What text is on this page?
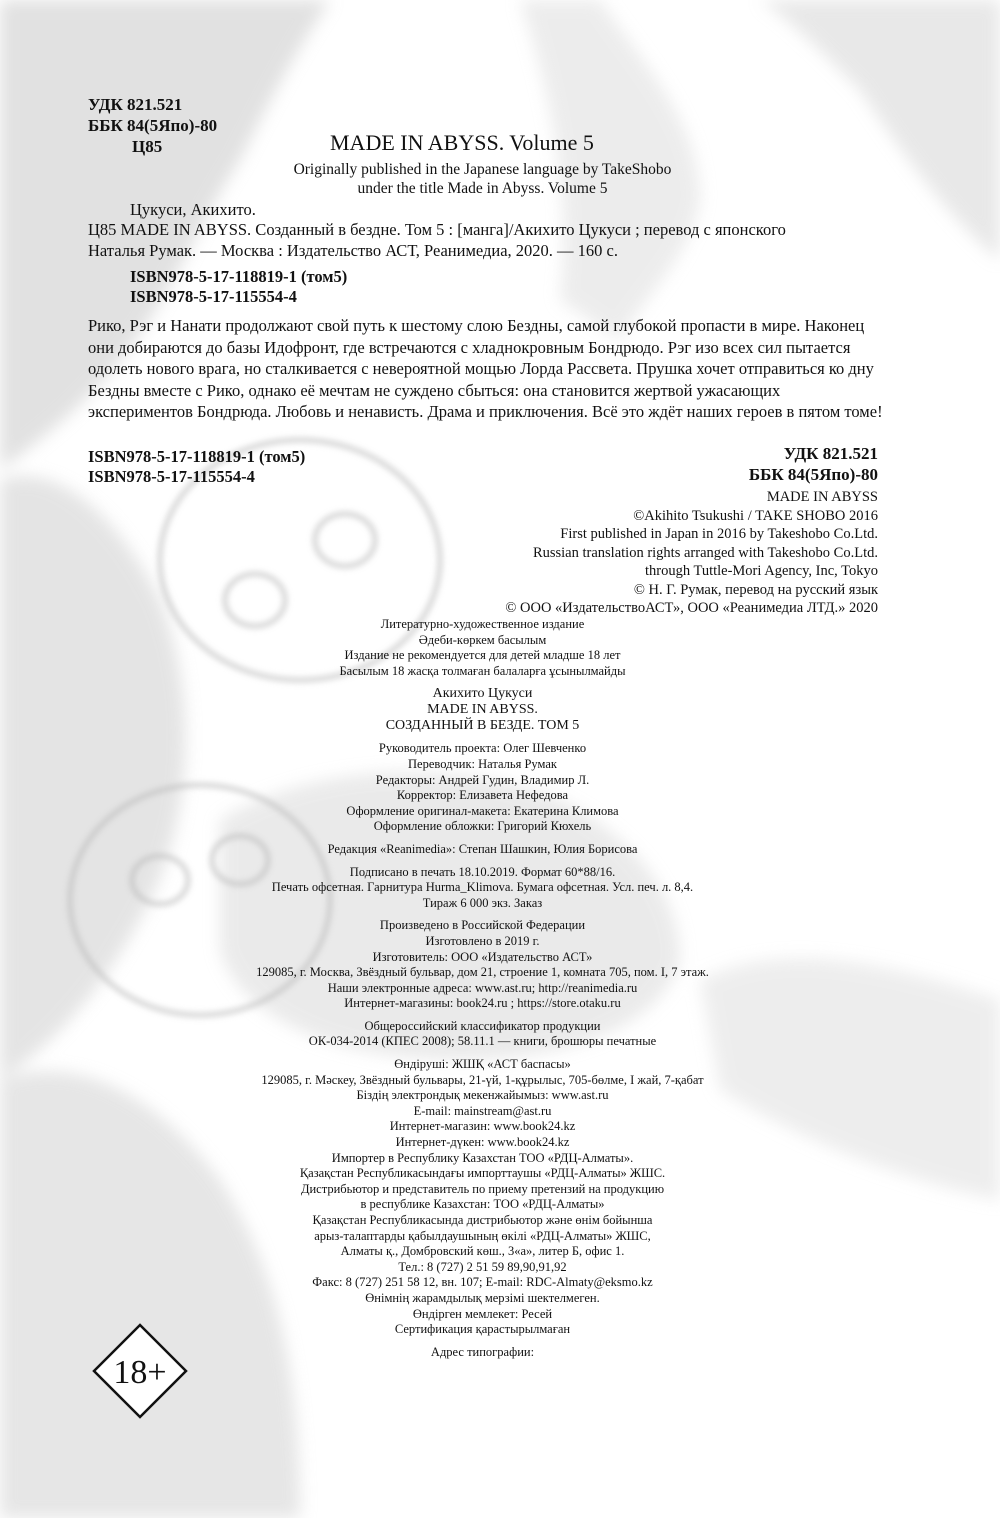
УДК 821.521
ББК 84(5Япо)-80
Ц85	MADE IN ABYSS. Volume 5
Originally published in the Japanese language by TakeShobo
under the title Made in Abyss. Volume 5
Цукуси, Акихито.
Ц85 MADE IN ABYSS. Созданный в бездне. Том 5 : [манга]/Акихито Цукуси ; перевод с японского
Наталья Румак. — Москва : Издательство АСТ, Реанимедиа, 2020. — 160 с.
ISBN978-5-17-118819-1 (том5)
ISBN978-5-17-115554-4
Рико, Рэг и Нанати продолжают свой путь к шестому слою Бездны, самой глубокой пропасти в мире. Наконец они добираются до базы Идофронт, где встречаются с хладнокровным Бондрюдо. Рэг изо всех сил пытается одолеть нового врага, но сталкивается с невероятной мощью Лорда Рассвета. Прушка хочет отправиться ко дну Бездны вместе с Рико, однако её мечтам не суждено сбыться: она становится жертвой ужасающих экспериментов Бондрюда. Любовь и ненависть. Драма и приключения. Всё это ждёт наших героев в пятом томе!
ISBN978-5-17-118819-1 (том5)
ISBN978-5-17-115554-4
УДК 821.521
ББК 84(5Япо)-80
MADE IN ABYSS
©Akihito Tsukushi / TAKE SHOBO 2016
First published in Japan in 2016 by Takeshobo Co.Ltd.
Russian translation rights arranged with Takeshobo Co.Ltd.
through Tuttle-Mori Agency, Inc, Tokyo
© Н. Г. Румак, перевод на русский язык
© ООО «ИздательствоАСТ», ООО «Реанимедиа ЛТД.» 2020
Литературно-художественное издание
Әдеби-көркем басылым
Издание не рекомендуется для детей младше 18 лет
Басылым 18 жасқа толмаған балаларға ұсынылмайды
Акихито Цукуси
MADE IN ABYSS.
СОЗДАННЫЙ В БЕЗДЕ. ТОМ 5
Руководитель проекта: Олег Шевченко
Переводчик: Наталья Румак
Редакторы: Андрей Гудин, Владимир Л.
Корректор: Елизавета Нефедова
Оформление оригинал-макета: Екатерина Климова
Оформление обложки: Григорий Кюхель
Редакция «Reanimedia»: Степан Шашкин, Юлия Борисова
Подписано в печать 18.10.2019. Формат 60*88/16.
Печать офсетная. Гарнитура Hurma_Klimova. Бумага офсетная. Усл. печ. л. 8,4.
Тираж 6 000 экз. Заказ
Произведено в Российской Федерации
Изготовлено в 2019 г.
Изготовитель: ООО «Издательство АСТ»
129085, г. Москва, Звёздный бульвар, дом 21, строение 1, комната 705, пом. I, 7 этаж.
Наши электронные адреса: www.ast.ru; http://reanimedia.ru
Интернет-магазины: book24.ru ; https://store.otaku.ru
Общероссийский классификатор продукции
ОК-034-2014 (КПЕС 2008); 58.11.1 — книги, брошюры печатные
Өндіруші: ЖШҚ «АСТ баспасы»
129085, г. Мәскеу, Звёздный бульвары, 21-үй, 1-құрылыс, 705-бөлме, I жай, 7-қабат
Біздің электрондық мекенжайымыз: www.ast.ru
E-mail: mainstream@ast.ru
Интернет-магазин: www.book24.kz
Интернет-дүкен: www.book24.kz
Импортер в Республику Казахстан ТОО «РДЦ-Алматы».
Қазақстан Республикасындағы импорттаушы «РДЦ-Алматы» ЖШС.
Дистрибьютор и представитель по приему претензий на продукцию
в республике Казахстан: ТОО «РДЦ-Алматы»
Қазақстан Республикасында дистрибьютор және өнім бойынша
арыз-талаптарды қабылдаушының өкілі «РДЦ-Алматы» ЖШС,
Алматы қ., Домбровский көш., 3«а», литер Б, офис 1.
Тел.: 8 (727) 2 51 59 89,90,91,92
Факс: 8 (727) 251 58 12, вн. 107; E-mail: RDC-Almaty@eksmo.kz
Өнімнің жарамдылық мерзімі шектелмеген.
Өндірген мемлекет: Ресей
Сертификация қарастырылмаған
Адрес типографии:
18+
